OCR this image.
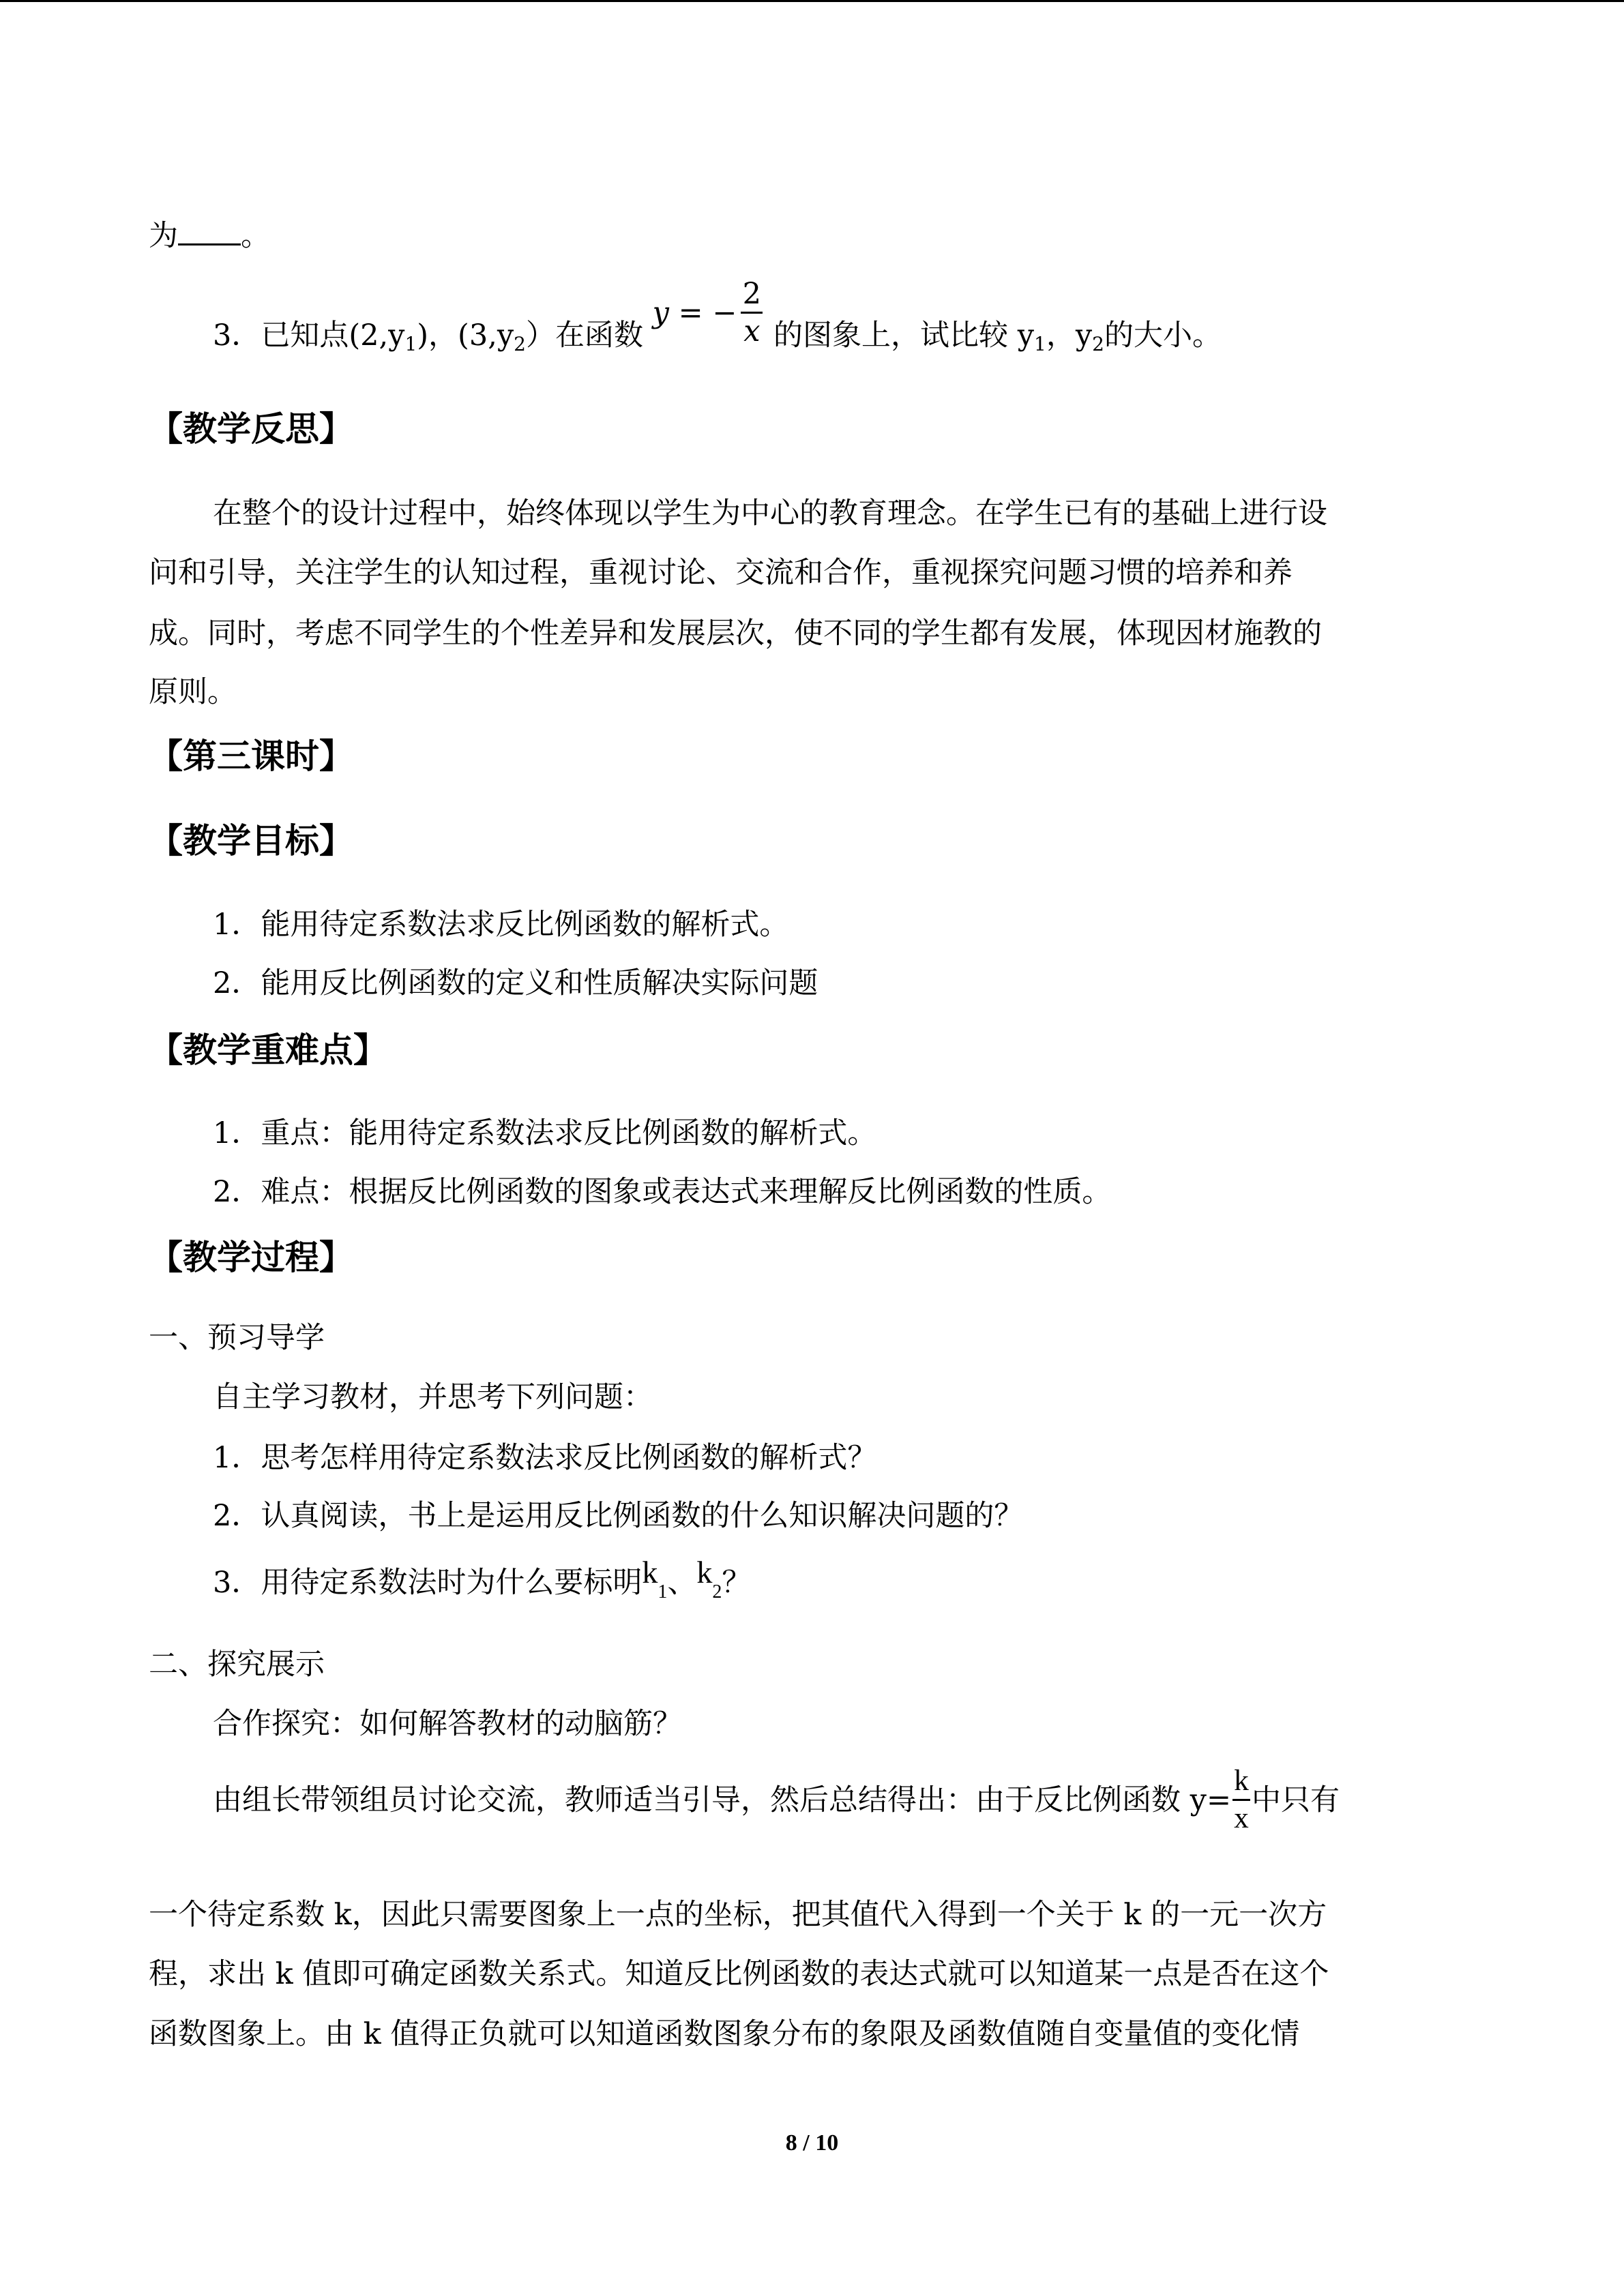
为 。
3．已知点$(2,y_1)$，$(3,y_2)$在函数 y = − $\frac{2}{x}$ 的图象上，试比较 $y_1$，$y_2$的大小。
【教学反思】
在整个的设计过程中，始终体现以学生为中心的教育理念。在学生已有的基础上进行设
问和引导，关注学生的认知过程，重视讨论、交流和合作，重视探究问题习惯的培养和养
成。同时，考虑不同学生的个性差异和发展层次，使不同的学生都有发展，体现因材施教的
原则。
【第三课时】
【教学目标】
1．能用待定系数法求反比例函数的解析式。
2．能用反比例函数的定义和性质解决实际问题
【教学重难点】
1．重点：能用待定系数法求反比例函数的解析式。
2．难点：根据反比例函数的图象或表达式来理解反比例函数的性质。
【教学过程】
一、预习导学
自主学习教材，并思考下列问题：
1．思考怎样用待定系数法求反比例函数的解析式？
2．认真阅读，书上是运用反比例函数的什么知识解决问题的？
3．用待定系数法时为什么要标明$k_1$、$k_2$？
二、探究展示
合作探究：如何解答教材的动脑筋？
由组长带领组员讨论交流，教师适当引导，然后总结得出：由于反比例函数 $y= \frac{k}{x}$ 中只有
一个待定系数 k，因此只需要图象上一点的坐标，把其值代入得到一个关于 k 的一元一次方
程，求出 k 值即可确定函数关系式。知道反比例函数的表达式就可以知道某一点是否在这个
函数图象上。由 k 值得正负就可以知道函数图象分布的象限及函数值随自变量值的变化情
8 / 10
